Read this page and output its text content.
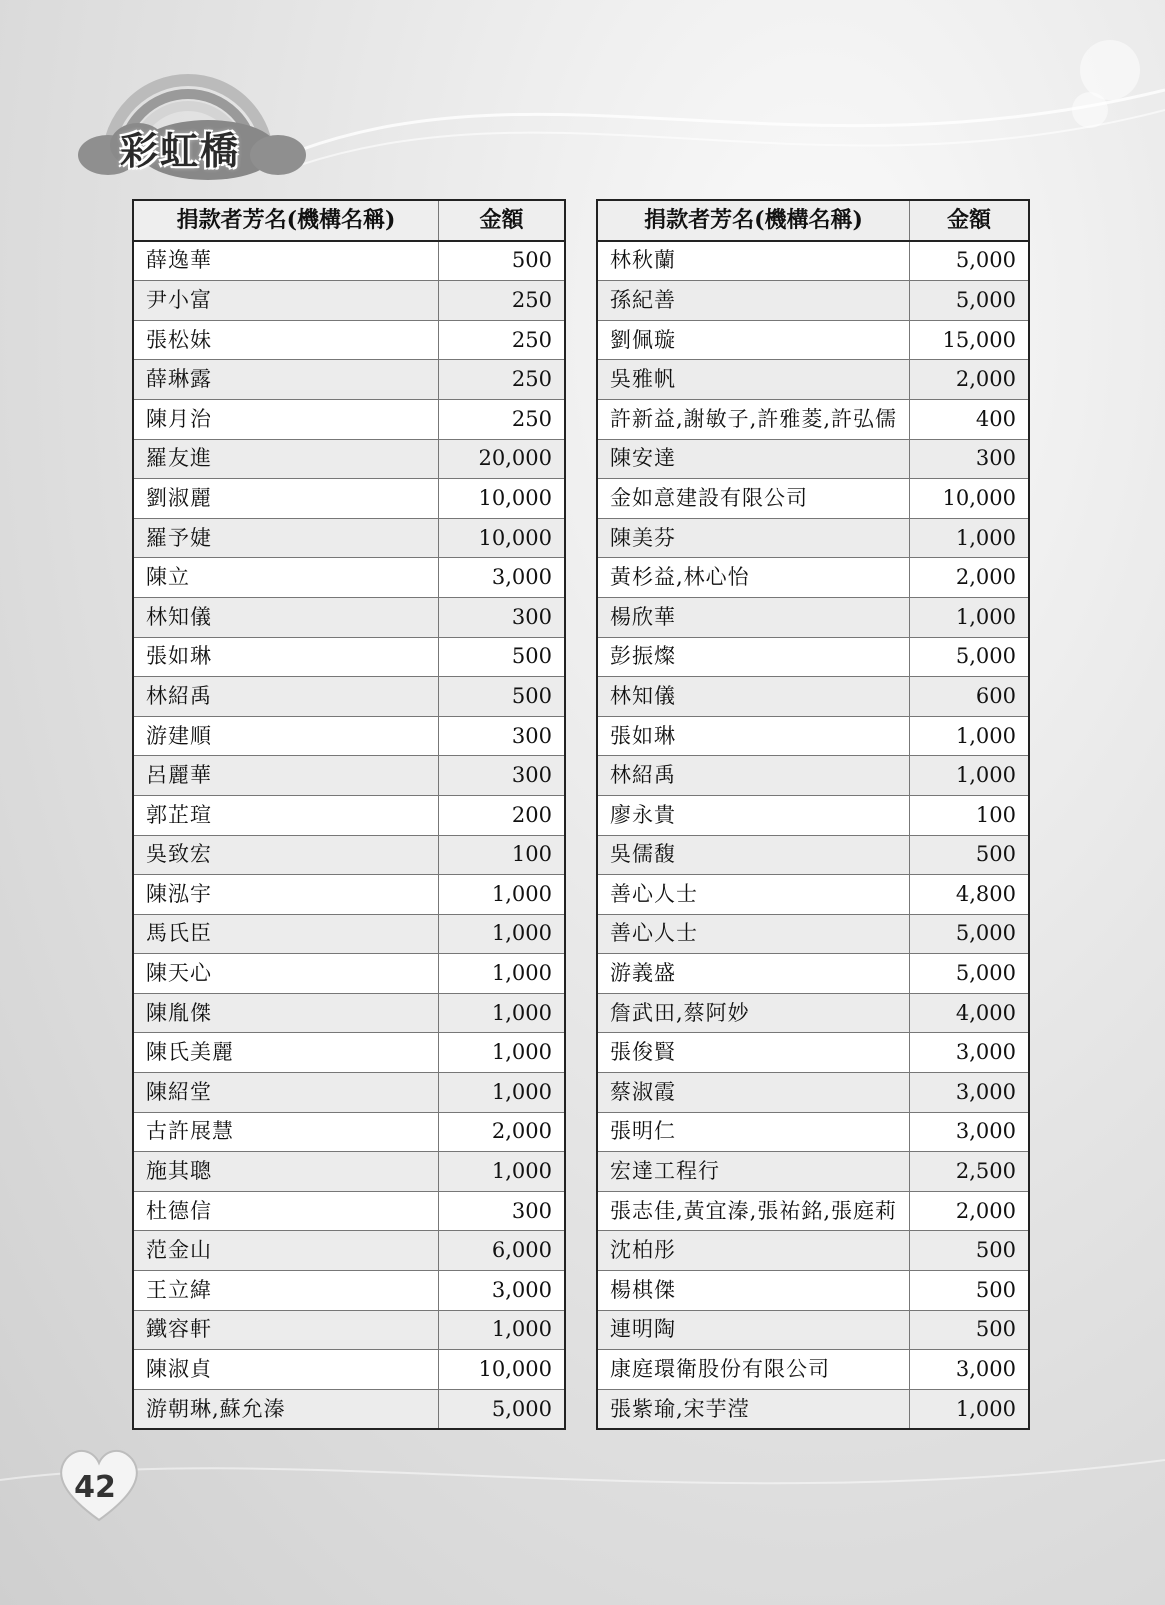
彩虹橋
捐款者芳名(機構名稱)	金額
薛逸華	500
尹小富	250
張松妹	250
薛琳露	250
陳月治	250
羅友進	20,000
劉淑麗	10,000
羅予婕	10,000
陳立	3,000
林知儀	300
張如琳	500
林紹禹	500
游建順	300
呂麗華	300
郭芷瑄	200
吳致宏	100
陳泓宇	1,000
馬氏臣	1,000
陳天心	1,000
陳胤傑	1,000
陳氏美麗	1,000
陳紹堂	1,000
古許展慧	2,000
施其聰	1,000
杜德信	300
范金山	6,000
王立緯	3,000
鐵容軒	1,000
陳淑貞	10,000
游朝琳,蘇允溱	5,000
捐款者芳名(機構名稱)	金額
林秋蘭	5,000
孫紀善	5,000
劉佩璇	15,000
吳雅帆	2,000
許新益,謝敏子,許雅菱,許弘儒	400
陳安達	300
金如意建設有限公司	10,000
陳美芬	1,000
黃杉益,林心怡	2,000
楊欣華	1,000
彭振燦	5,000
林知儀	600
張如琳	1,000
林紹禹	1,000
廖永貴	100
吳儒馥	500
善心人士	4,800
善心人士	5,000
游義盛	5,000
詹武田,蔡阿妙	4,000
張俊賢	3,000
蔡淑霞	3,000
張明仁	3,000
宏達工程行	2,500
張志佳,黃宜溱,張祐銘,張庭莉	2,000
沈柏彤	500
楊棋傑	500
連明陶	500
康庭環衛股份有限公司	3,000
張紫瑜,宋芋滢	1,000
42
